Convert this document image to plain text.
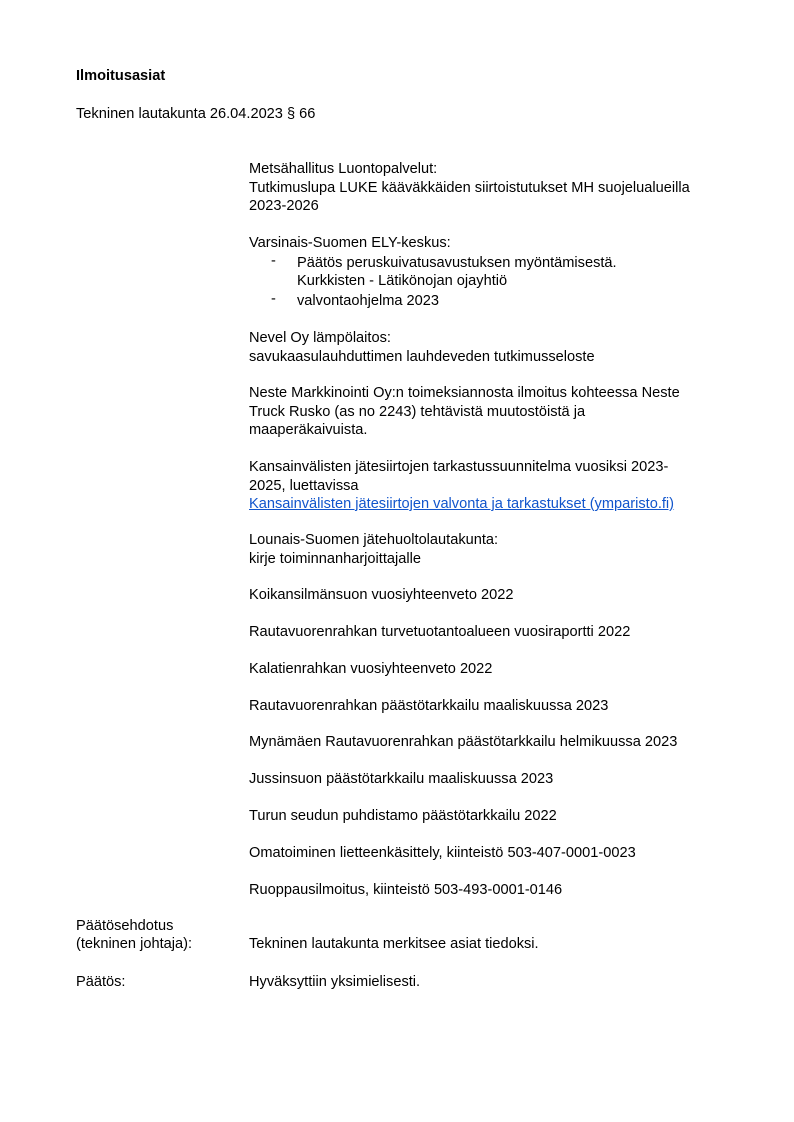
Ilmoitusasiat
Tekninen lautakunta 26.04.2023 § 66
Metsähallitus Luontopalvelut:
Tutkimuslupa LUKE kääväkkäiden siirtoistutukset MH suojelualueilla
2023-2026
Varsinais-Suomen ELY-keskus:
- Päätös peruskuivatusavustuksen myöntämisestä.
Kurkkisten - Lätikönojan ojayhtiö
- valvontaohjelma 2023
Nevel Oy lämpölaitos:
savukaasulauhduttimen lauhdeveden tutkimusseloste
Neste Markkinointi Oy:n toimeksiannosta ilmoitus kohteessa Neste
Truck Rusko (as no 2243) tehtävistä muutostöistä ja
maaperäkaivuista.
Kansainvälisten jätesiirtojen tarkastussuunnitelma vuosiksi 2023-
2025, luettavissa
Kansainvälisten jätesiirtojen valvonta ja tarkastukset (ymparisto.fi)
Lounais-Suomen jätehuoltolautakunta:
kirje toiminnanharjoittajalle
Koikansilmänsuon vuosiyhteenveto 2022
Rautavuorenrahkan turvetuotantoalueen vuosiraportti 2022
Kalatienrahkan vuosiyhteenveto 2022
Rautavuorenrahkan päästötarkkailu maaliskuussa 2023
Mynämäen Rautavuorenrahkan päästötarkkailu helmikuussa 2023
Jussinsuon päästötarkkailu maaliskuussa 2023
Turun seudun puhdistamo päästötarkkailu 2022
Omatoiminen lietteenkäsittely, kiinteistö 503-407-0001-0023
Ruoppausilmoitus, kiinteistö 503-493-0001-0146
Päätösehdotus
(tekninen johtaja):	Tekninen lautakunta merkitsee asiat tiedoksi.
Päätös:	Hyväksyttiin yksimielisesti.
